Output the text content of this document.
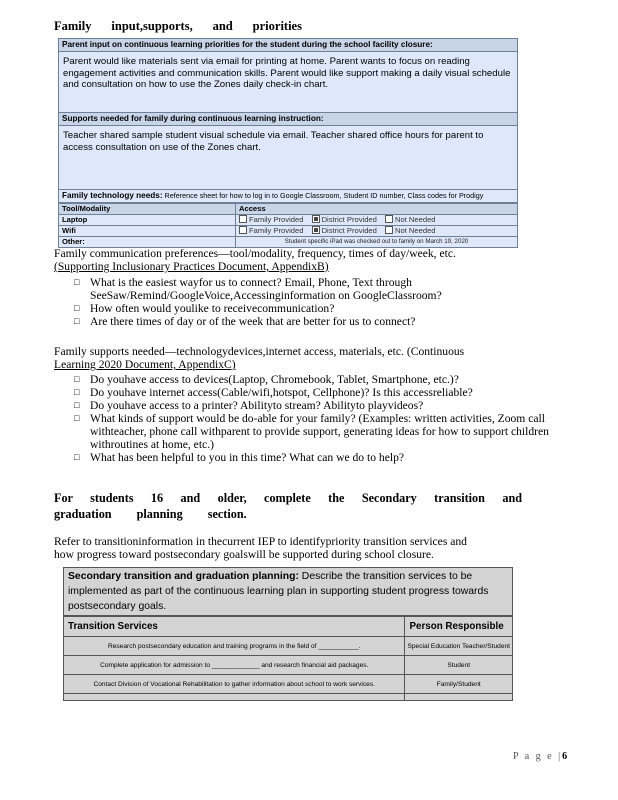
Family input,supports, and priorities
Parent input on continuous learning priorities for the student during the school facility closure:
Parent would like materials sent via email for printing at home. Parent wants to focus on reading engagement activities and communication skills. Parent would like support making a daily visual schedule and consultation on how to use the Zones daily check-in chart.
Supports needed for family during continuous learning instruction:
Teacher shared sample student visual schedule via email. Teacher shared office hours for parent to access consultation on use of the Zones chart.
Family technology needs: Reference sheet for how to log in to Google Classroom, Student ID number, Class codes for Prodigy
Tool/Modality	Access
Laptop	Family Provided District Provided Not Needed
Wifi	Family Provided District Provided Not Needed
Other:	Student specific iPad was checked out to family on March 19, 2020
Family communication preferences—tool/modality, frequency, times of day/week, etc.
(Supporting Inclusionary Practices Document, AppendixB)
□ What is the easiest wayfor us to connect? Email, Phone, Text through SeeSaw/Remind/GoogleVoice,Accessinginformation on GoogleClassroom?
□ How often would youlike to receivecommunication?
□ Are there times of day or of the week that are better for us to connect?
Family supports needed—technologydevices,internet access, materials, etc. (Continuous
Learning 2020 Document, AppendixC)
□ Do youhave access to devices(Laptop, Chromebook, Tablet, Smartphone, etc.)?
□ Do youhave internet access(Cable/wifi,hotspot, Cellphone)? Is this accessreliable?
□ Do youhave access to a printer? Abilityto stream? Abilityto playvideos?
□ What kinds of support would be do-able for your family? (Examples: written activities, Zoom call withteacher, phone call withparent to provide support, generating ideas for how to support children withroutines at home, etc.)
□ What has been helpful to you in this time? What can we do to help?
For students 16 and older, complete the Secondary transition and
graduation planning section.
Refer to transitioninformation in thecurrent IEP to identifypriority transition services and
how progress toward postsecondary goalswill be supported during school closure.
Secondary transition and graduation planning: Describe the transition services to be implemented as part of the continuous learning plan in supporting student progress towards postsecondary goals.
Transition Services	Person Responsible
Research postsecondary education and training programs in the field of ___________.	Special Education Teacher/Student
Complete application for admission to _____________ and research financial aid packages.	Student
Contact Division of Vocational Rehabilitation to gather information about school to work services.	Family/Student

P a g e |6
